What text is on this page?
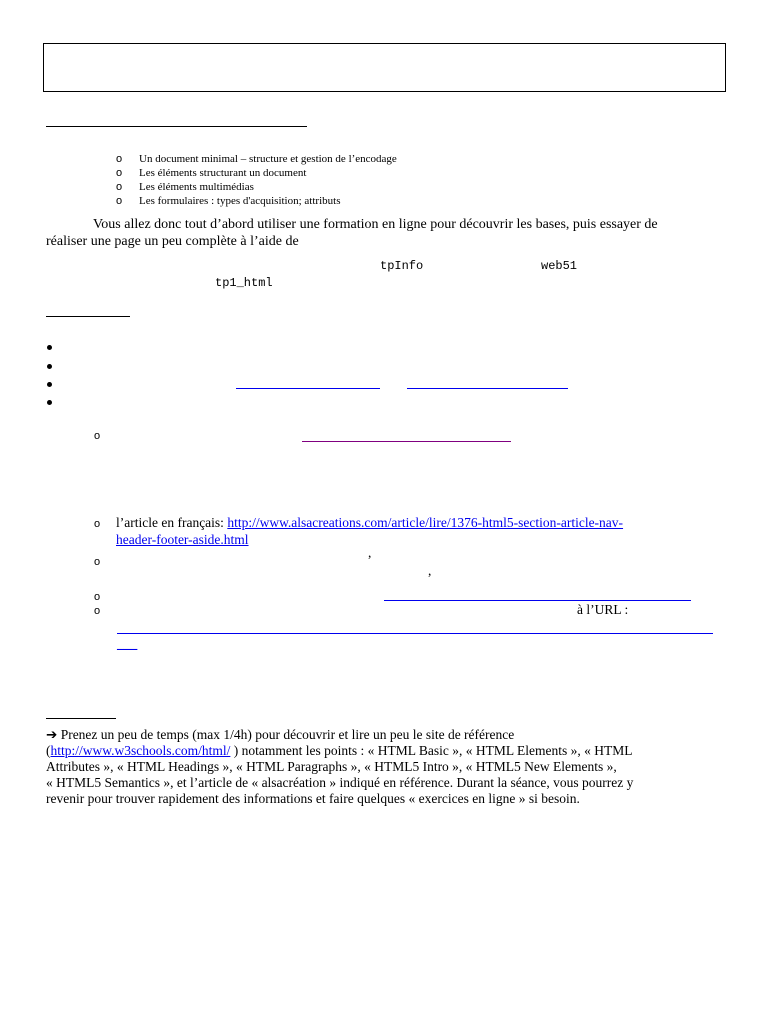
o Un document minimal – structure et gestion de l’encodage
o Les éléments structurant un document
o Les éléments multimédias
o Les formulaires : types d'acquisition; attributs
Vous allez donc tout d’abord utiliser une formation en ligne pour découvrir les bases, puis essayer de
réaliser une page un peu complète à l’aide de
tpInfo	web51
tp1_html
o
o l’article en français: http://www.alsacreations.com/article/lire/1376-html5-section-article-nav-
header-footer-aside.html
o
,
,
o
o	à l’URL :
___
➔ Prenez un peu de temps (max 1/4h) pour découvrir et lire un peu le site de référence
(http://www.w3schools.com/html/ ) notamment les points : « HTML Basic », « HTML Elements », « HTML
Attributes », « HTML Headings », « HTML Paragraphs », « HTML5 Intro », « HTML5 New Elements »,
« HTML5 Semantics », et l’article de « alsacréation » indiqué en référence. Durant la séance, vous pourrez y
revenir pour trouver rapidement des informations et faire quelques « exercices en ligne » si besoin.
